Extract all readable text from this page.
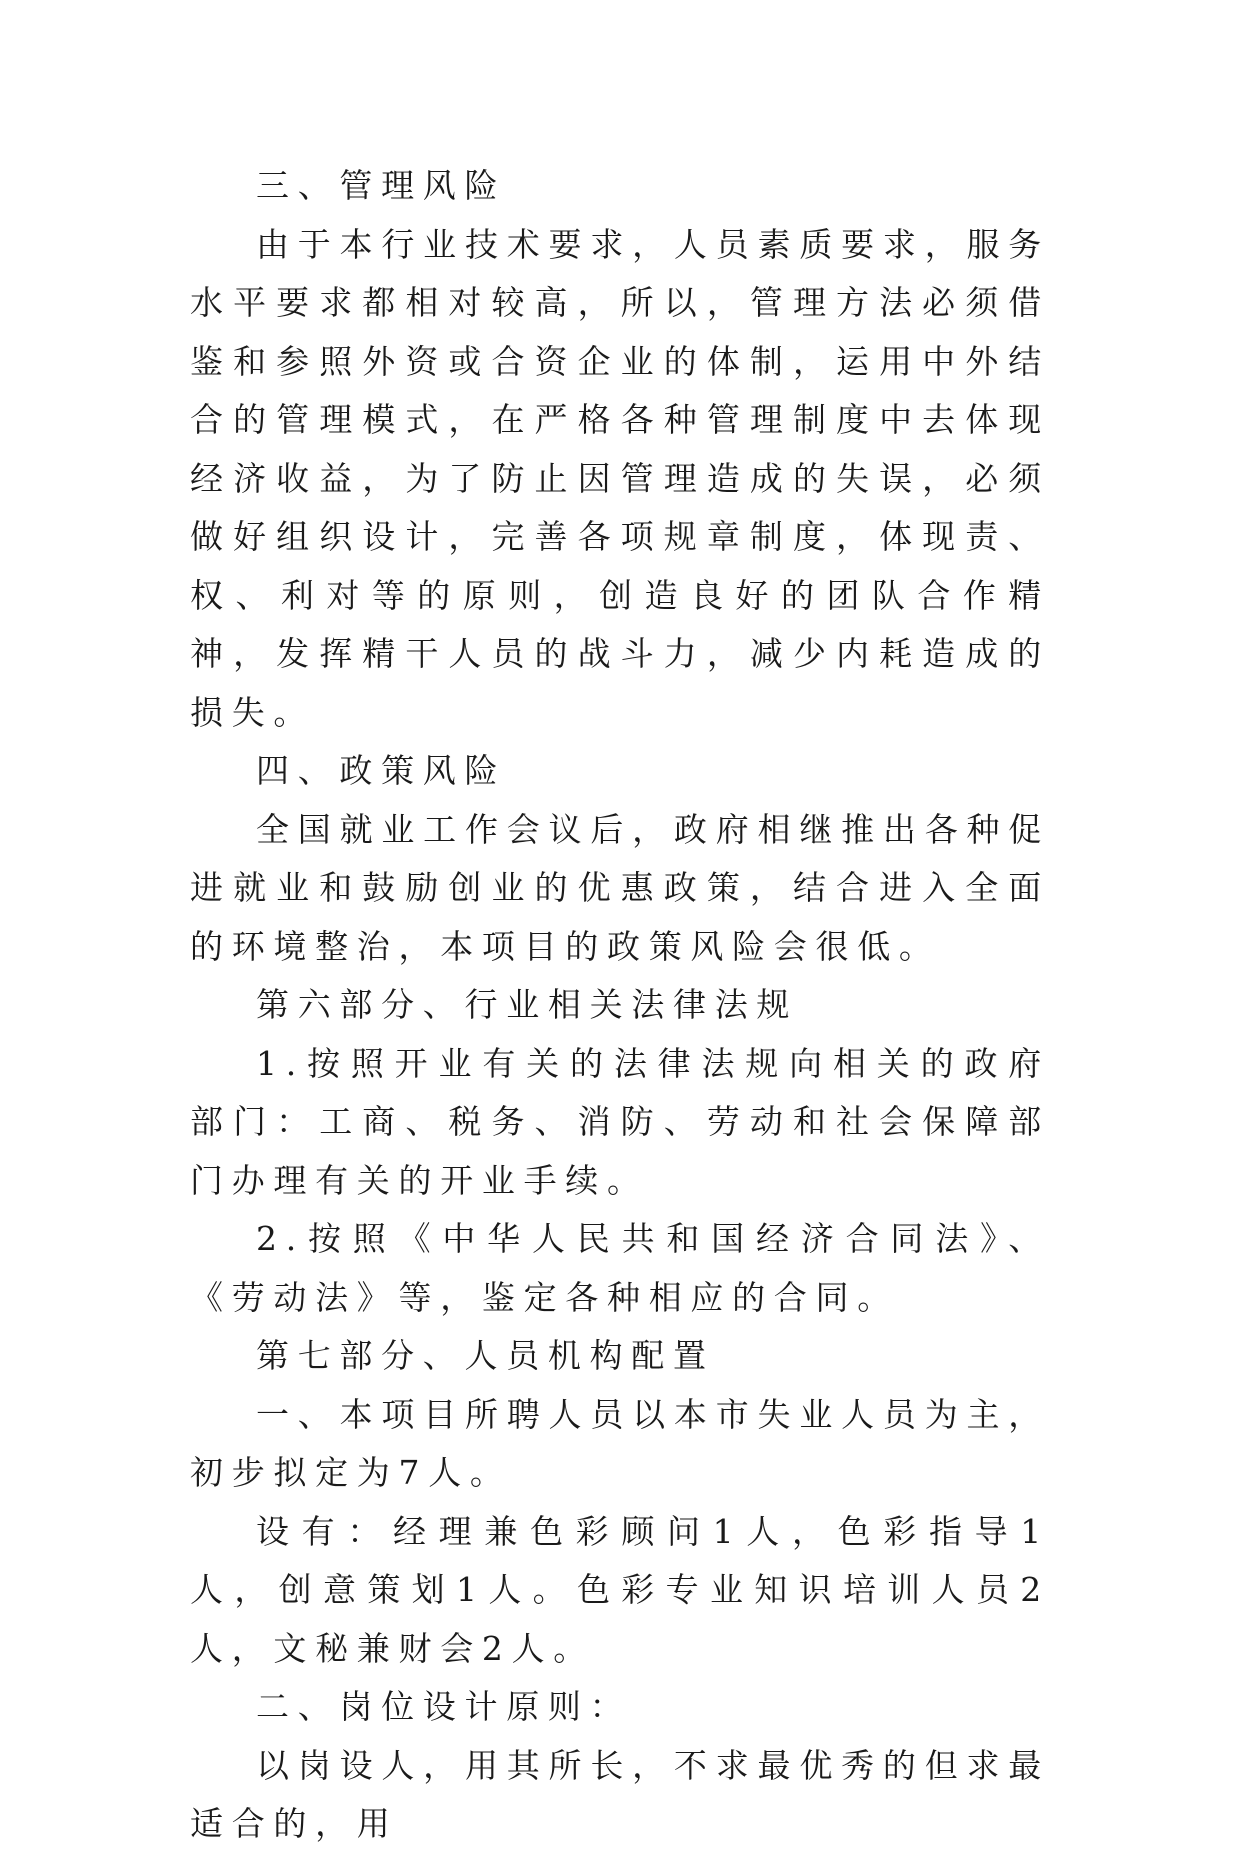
三、管理风险

由于本行业技术要求，人员素质要求，服务水平要求都相对较高，所以，管理方法必须借鉴和参照外资或合资企业的体制，运用中外结合的管理模式，在严格各种管理制度中去体现经济收益，为了防止因管理造成的失误，必须做好组织设计，完善各项规章制度，体现责、权、利对等的原则，创造良好的团队合作精神，发挥精干人员的战斗力，减少内耗造成的损失。

四、政策风险

全国就业工作会议后，政府相继推出各种促进就业和鼓励创业的优惠政策，结合进入全面的环境整治，本项目的政策风险会很低。

第六部分、行业相关法律法规

1.按照开业有关的法律法规向相关的政府部门：工商、税务、消防、劳动和社会保障部门办理有关的开业手续。

2.按照《中华人民共和国经济合同法》、《劳动法》等，鉴定各种相应的合同。

第七部分、人员机构配置

一、本项目所聘人员以本市失业人员为主，初步拟定为7人。

设有：经理兼色彩顾问1人，色彩指导1人，创意策划1人。色彩专业知识培训人员2人，文秘兼财会2人。

二、岗位设计原则：

以岗设人，用其所长，不求最优秀的但求最适合的，用
